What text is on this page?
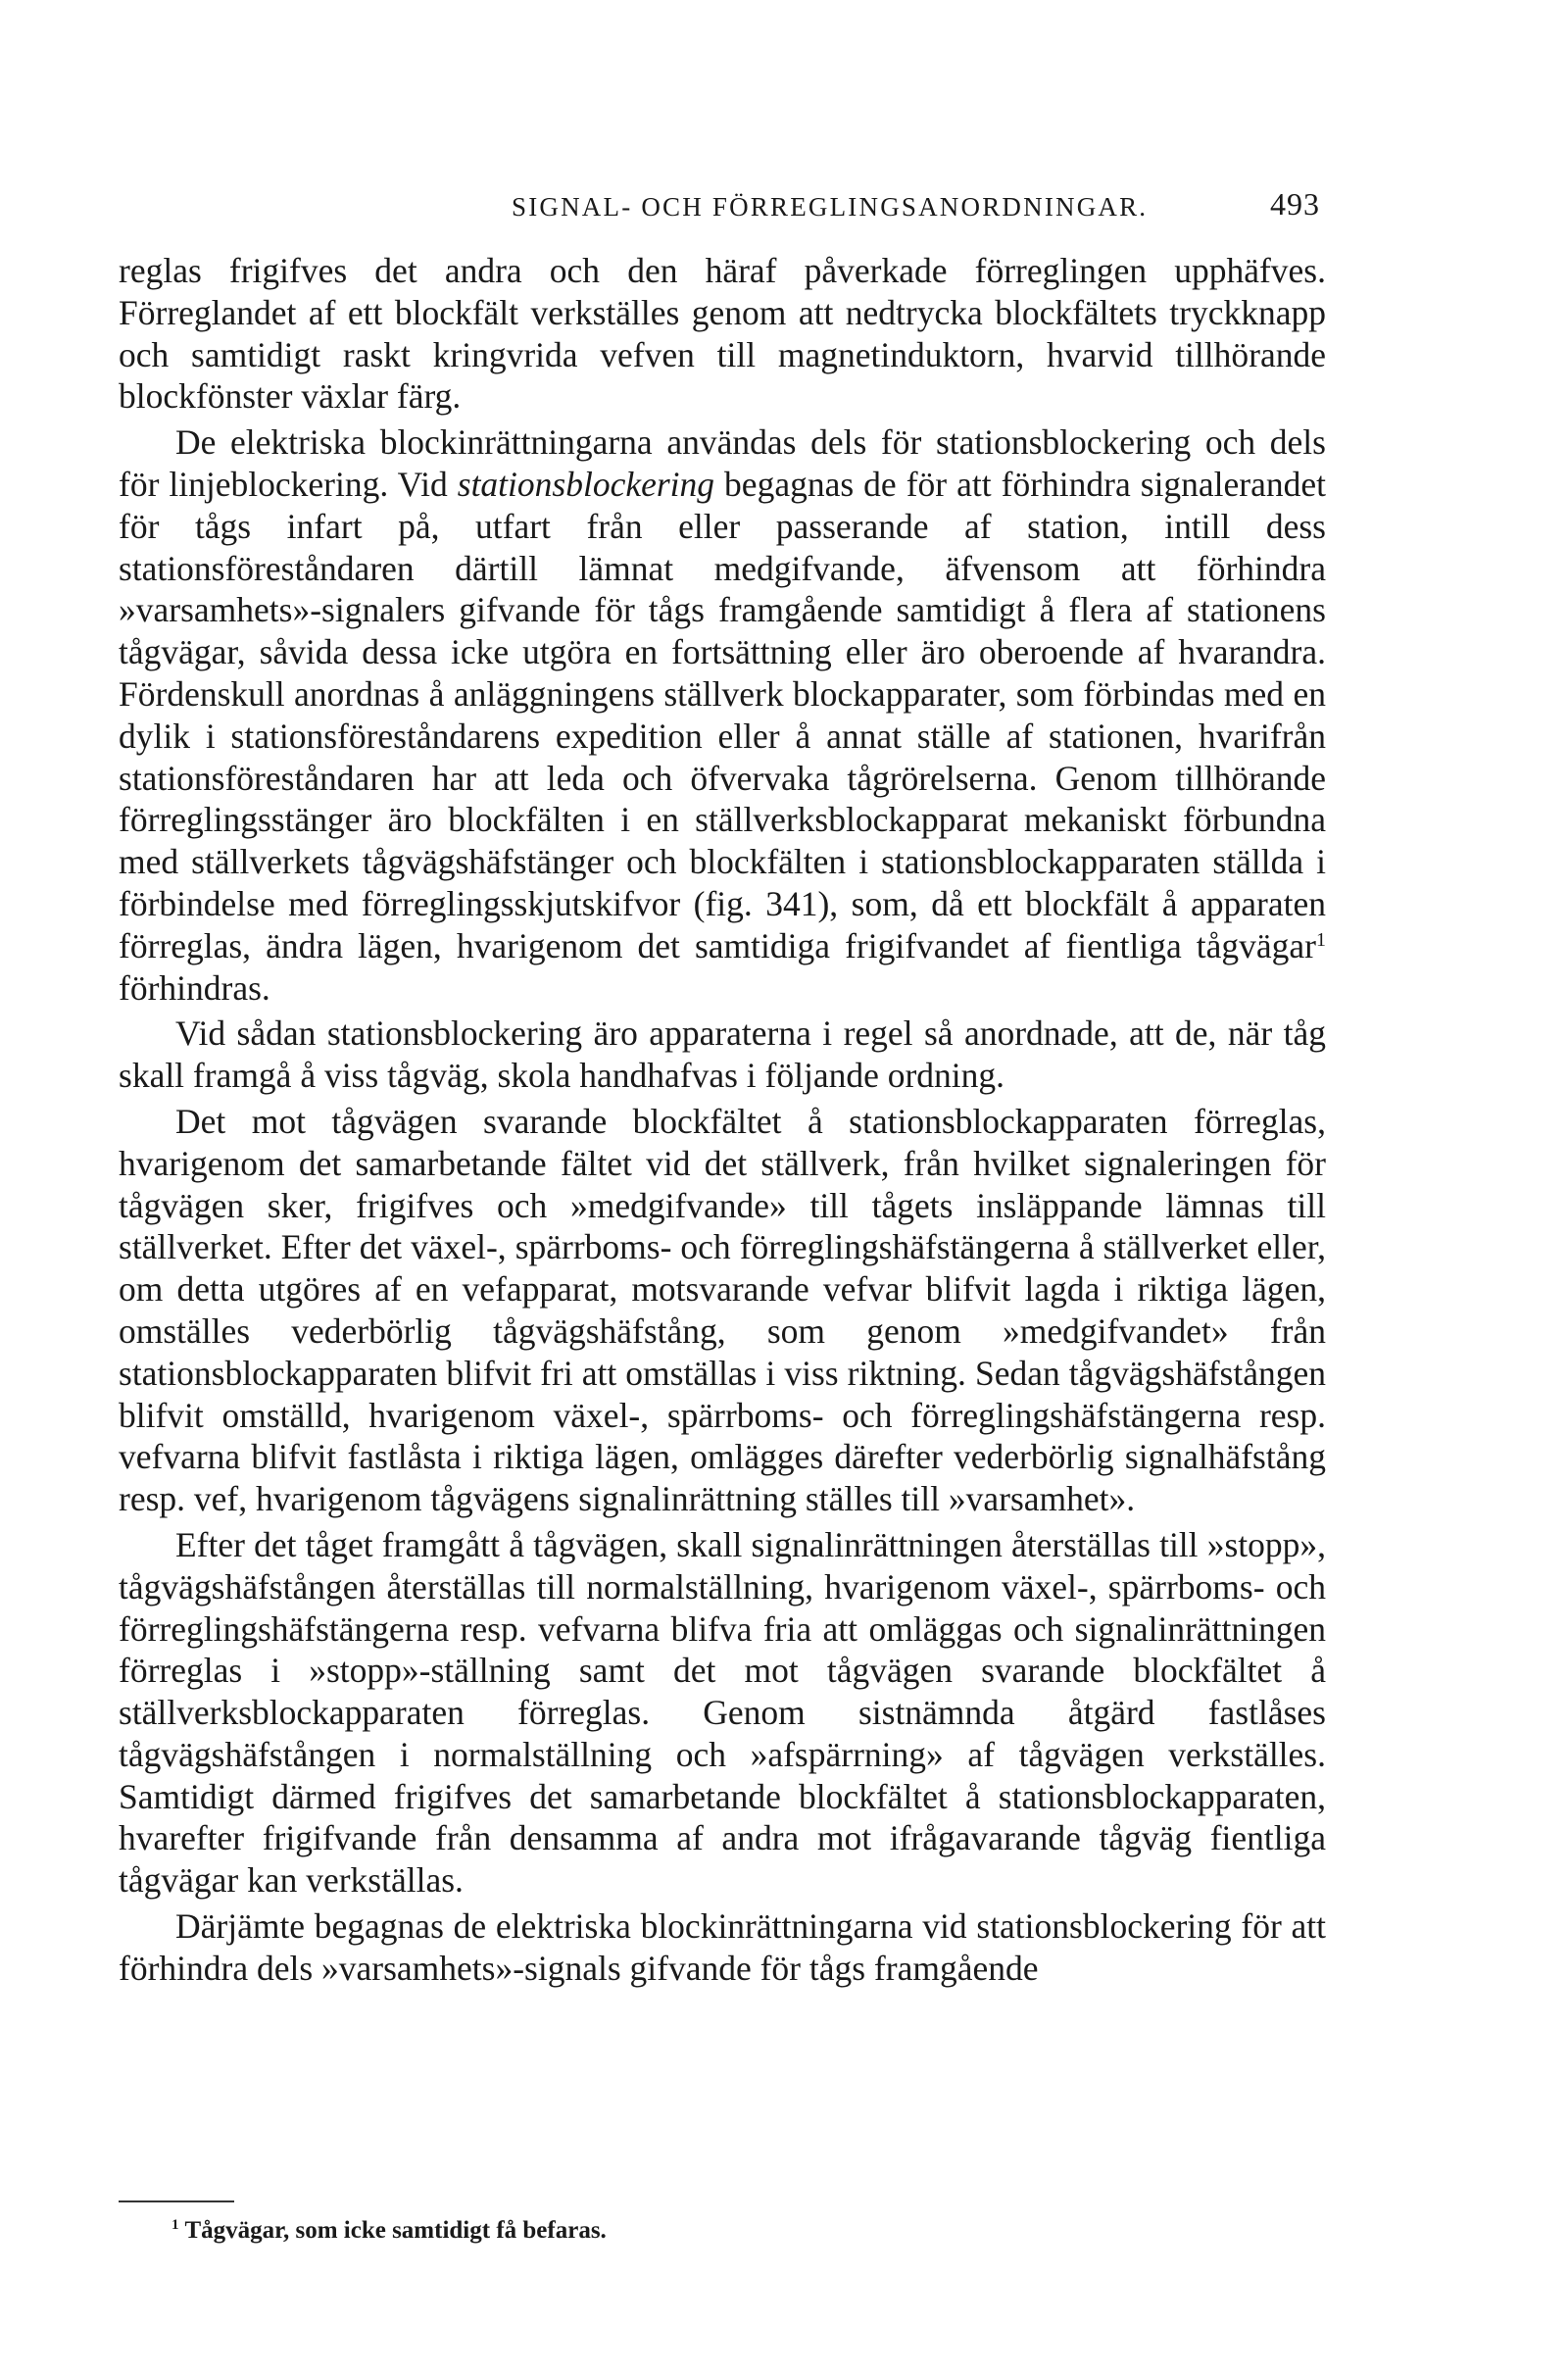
SIGNAL- OCH FÖRREGLINGSANORDNINGAR.	493

reglas frigifves det andra och den häraf påverkade förreglingen upphäfves. Förreglandet af ett blockfält verkställes genom att nedtrycka blockfältets tryckknapp och samtidigt raskt kringvrida vefven till magnetinduktorn, hvarvid tillhörande blockfönster växlar färg.

De elektriska blockinrättningarna användas dels för stationsblockering och dels för linjeblockering. Vid stationsblockering begagnas de för att förhindra signalerandet för tågs infart på, utfart från eller passerande af station, intill dess stationsföreståndaren därtill lämnat medgifvande, äfvensom att förhindra »varsamhets»-signalers gifvande för tågs framgående samtidigt å flera af stationens tågvägar, såvida dessa icke utgöra en fortsättning eller äro oberoende af hvarandra. Fördenskull anordnas å anläggningens ställverk blockapparater, som förbindas med en dylik i stationsföreståndarens expedition eller å annat ställe af stationen, hvarifrån stationsföreståndaren har att leda och öfvervaka tågrörelserna. Genom tillhörande förreglingsstänger äro blockfälten i en ställverksblockapparat mekaniskt förbundna med ställverkets tågvägshäfstänger och blockfälten i stationsblockapparaten ställda i förbindelse med förreglingsskjutskifvor (fig. 341), som, då ett blockfält å apparaten förreglas, ändra lägen, hvarigenom det samtidiga frigifvandet af fientliga tågvägar$^1$ förhindras.

Vid sådan stationsblockering äro apparaterna i regel så anordnade, att de, när tåg skall framgå å viss tågväg, skola handhafvas i följande ordning.

Det mot tågvägen svarande blockfältet å stationsblockapparaten förreglas, hvarigenom det samarbetande fältet vid det ställverk, från hvilket signaleringen för tågvägen sker, frigifves och »medgifvande» till tågets insläppande lämnas till ställverket. Efter det växel-, spärrboms- och förreglingshäfstängerna å ställverket eller, om detta utgöres af en vefapparat, motsvarande vefvar blifvit lagda i riktiga lägen, omställes vederbörlig tågvägshäfstång, som genom »medgifvandet» från stationsblockapparaten blifvit fri att omställas i viss riktning. Sedan tågvägshäfstången blifvit omställd, hvarigenom växel-, spärrboms- och förreglingshäfstängerna resp. vefvarna blifvit fastlåsta i riktiga lägen, omlägges därefter vederbörlig signalhäfstång resp. vef, hvarigenom tågvägens signalinrättning ställes till »varsamhet».

Efter det tåget framgått å tågvägen, skall signalinrättningen återställas till »stopp», tågvägshäfstången återställas till normalställning, hvarigenom växel-, spärrboms- och förreglingshäfstängerna resp. vefvarna blifva fria att omläggas och signalinrättningen förreglas i »stopp»-ställning samt det mot tågvägen svarande blockfältet å ställverksblockapparaten förreglas. Genom sistnämnda åtgärd fastlåses tågvägshäfstången i normalställning och »afspärrning» af tågvägen verkställes. Samtidigt därmed frigifves det samarbetande blockfältet å stationsblockapparaten, hvarefter frigifvande från densamma af andra mot ifrågavarande tågväg fientliga tågvägar kan verkställas.

Därjämte begagnas de elektriska blockinrättningarna vid stationsblockering för att förhindra dels »varsamhets»-signals gifvande för tågs framgående

$^1$ Tågvägar, som icke samtidigt få befaras.
